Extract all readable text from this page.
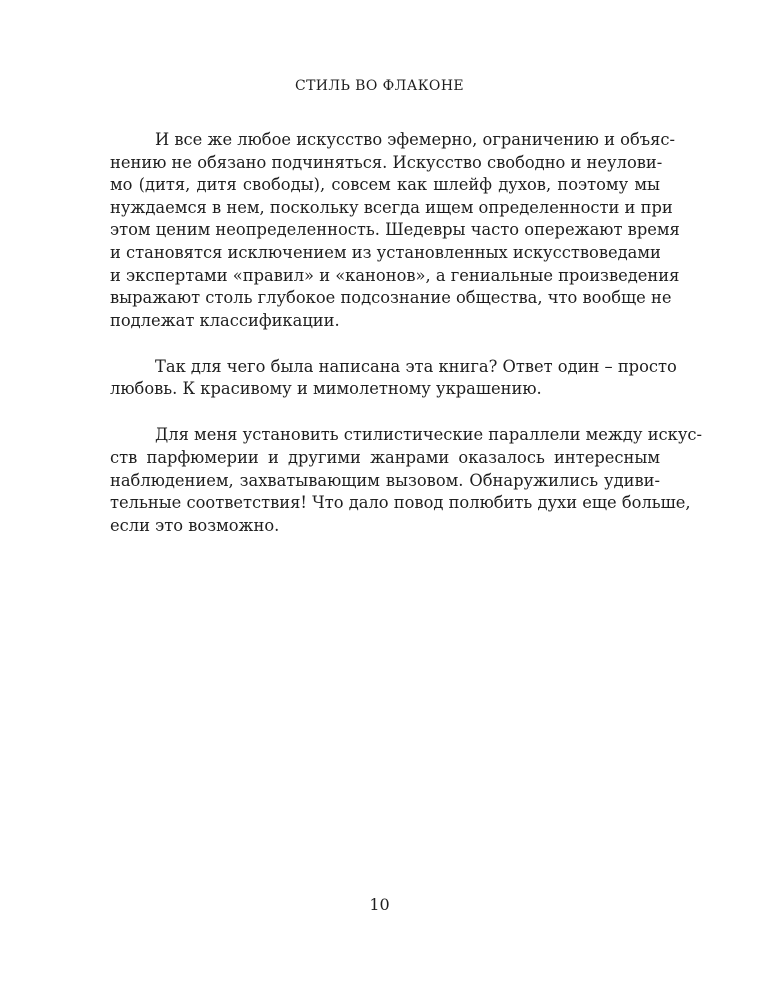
СТИЛЬ ВО ФЛАКОНЕ
И все же любое искусство эфемерно, ограничению и объяс-
нению не обязано подчиняться. Искусство свободно и неулови-
мо (дитя, дитя свободы), совсем как шлейф духов, поэтому мы
нуждаемся в нем, поскольку всегда ищем определенности и при
этом ценим неопределенность. Шедевры часто опережают время
и становятся исключением из установленных искусствоведами
и экспертами «правил» и «канонов», а гениальные произведения
выражают столь глубокое подсознание общества, что вообще не
подлежат классификации.
Так для чего была написана эта книга? Ответ один – просто
любовь. К красивому и мимолетному украшению.
Для меня установить стилистические параллели между искус-
ств парфюмерии и другими жанрами оказалось интересным
наблюдением, захватывающим вызовом. Обнаружились удиви-
тельные соответствия! Что дало повод полюбить духи еще больше,
если это возможно.
10
